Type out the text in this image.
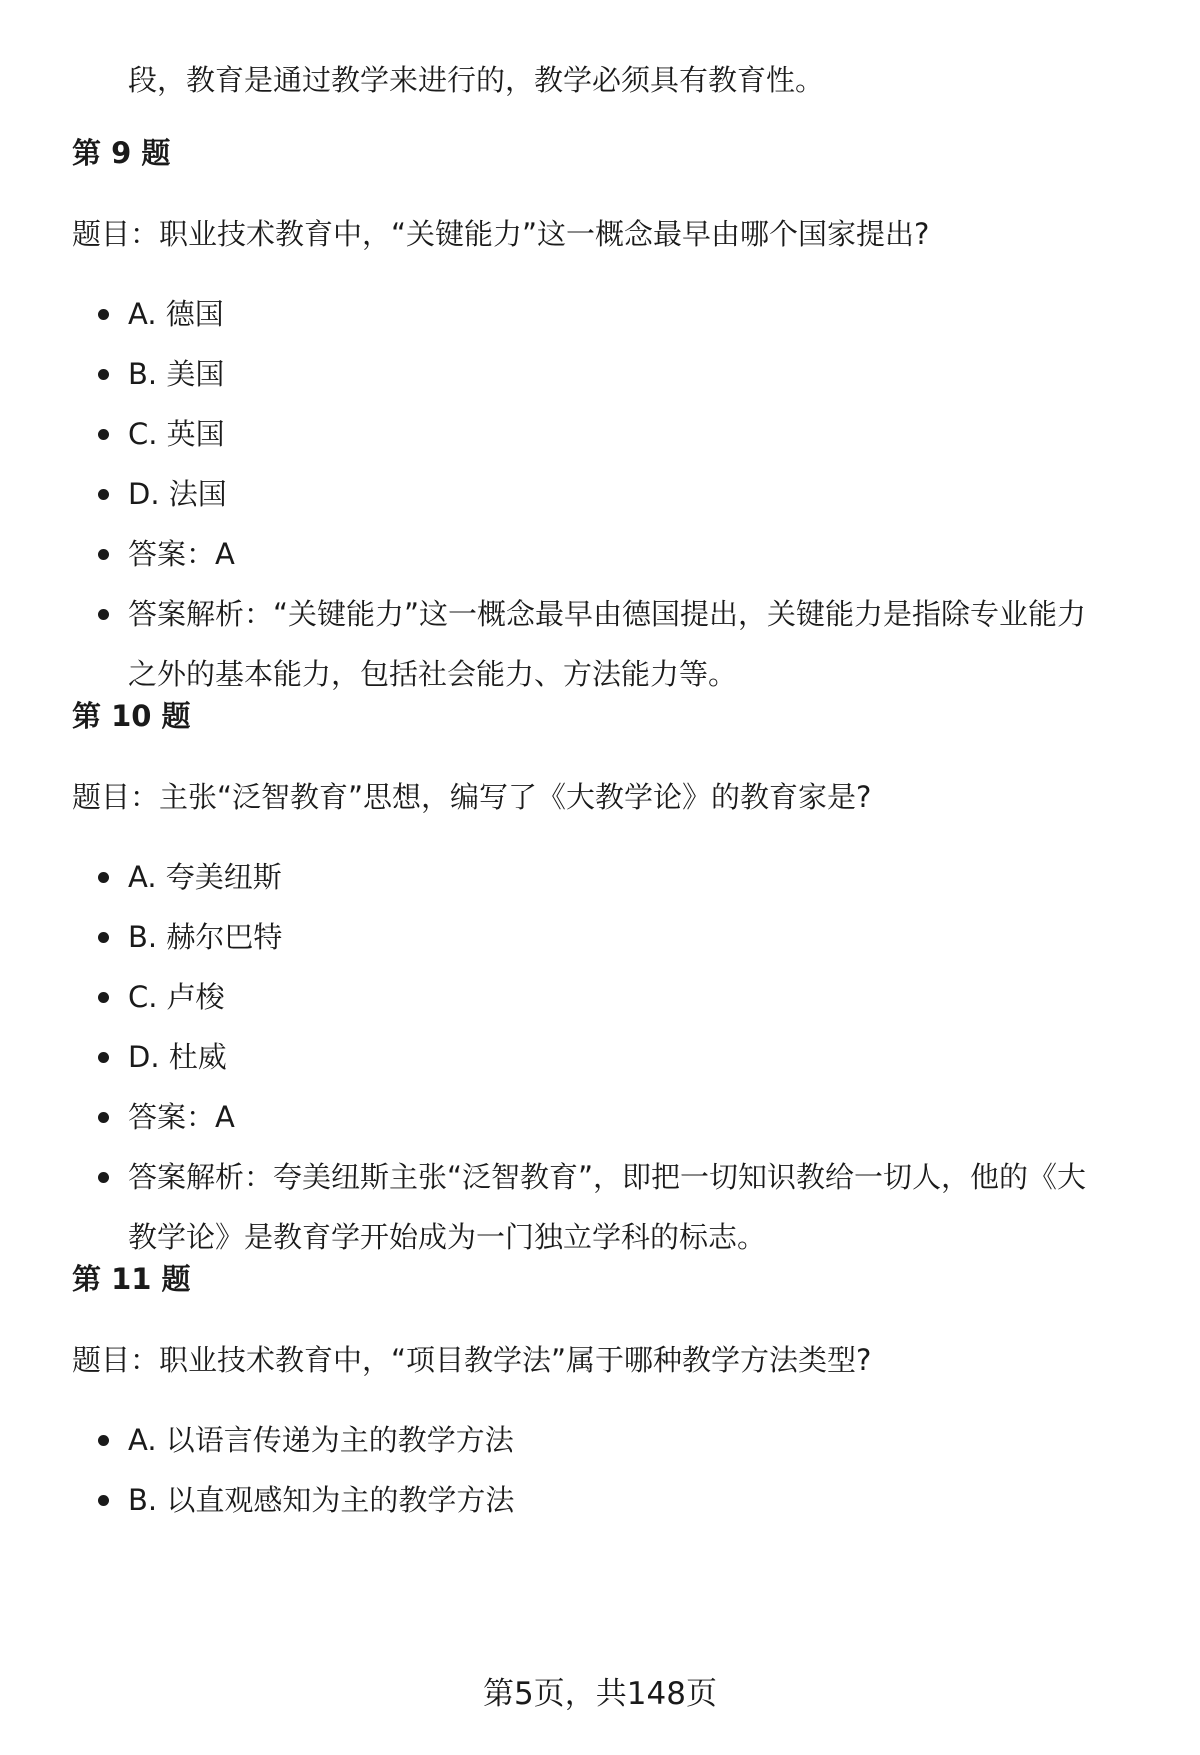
段，教育是通过教学来进行的，教学必须具有教育性。
第 9 题
题目：职业技术教育中，“关键能力”这一概念最早由哪个国家提出?
A. 德国
B. 美国
C. 英国
D. 法国
答案：A
答案解析：“关键能力”这一概念最早由德国提出，关键能力是指除专业能力
之外的基本能力，包括社会能力、方法能力等。
第 10 题
题目：主张“泛智教育”思想，编写了《大教学论》的教育家是?
A. 夸美纽斯
B. 赫尔巴特
C. 卢梭
D. 杜威
答案：A
答案解析：夸美纽斯主张“泛智教育”，即把一切知识教给一切人，他的《大
教学论》是教育学开始成为一门独立学科的标志。
第 11 题
题目：职业技术教育中，“项目教学法”属于哪种教学方法类型?
A. 以语言传递为主的教学方法
B. 以直观感知为主的教学方法
第5页，共148页
